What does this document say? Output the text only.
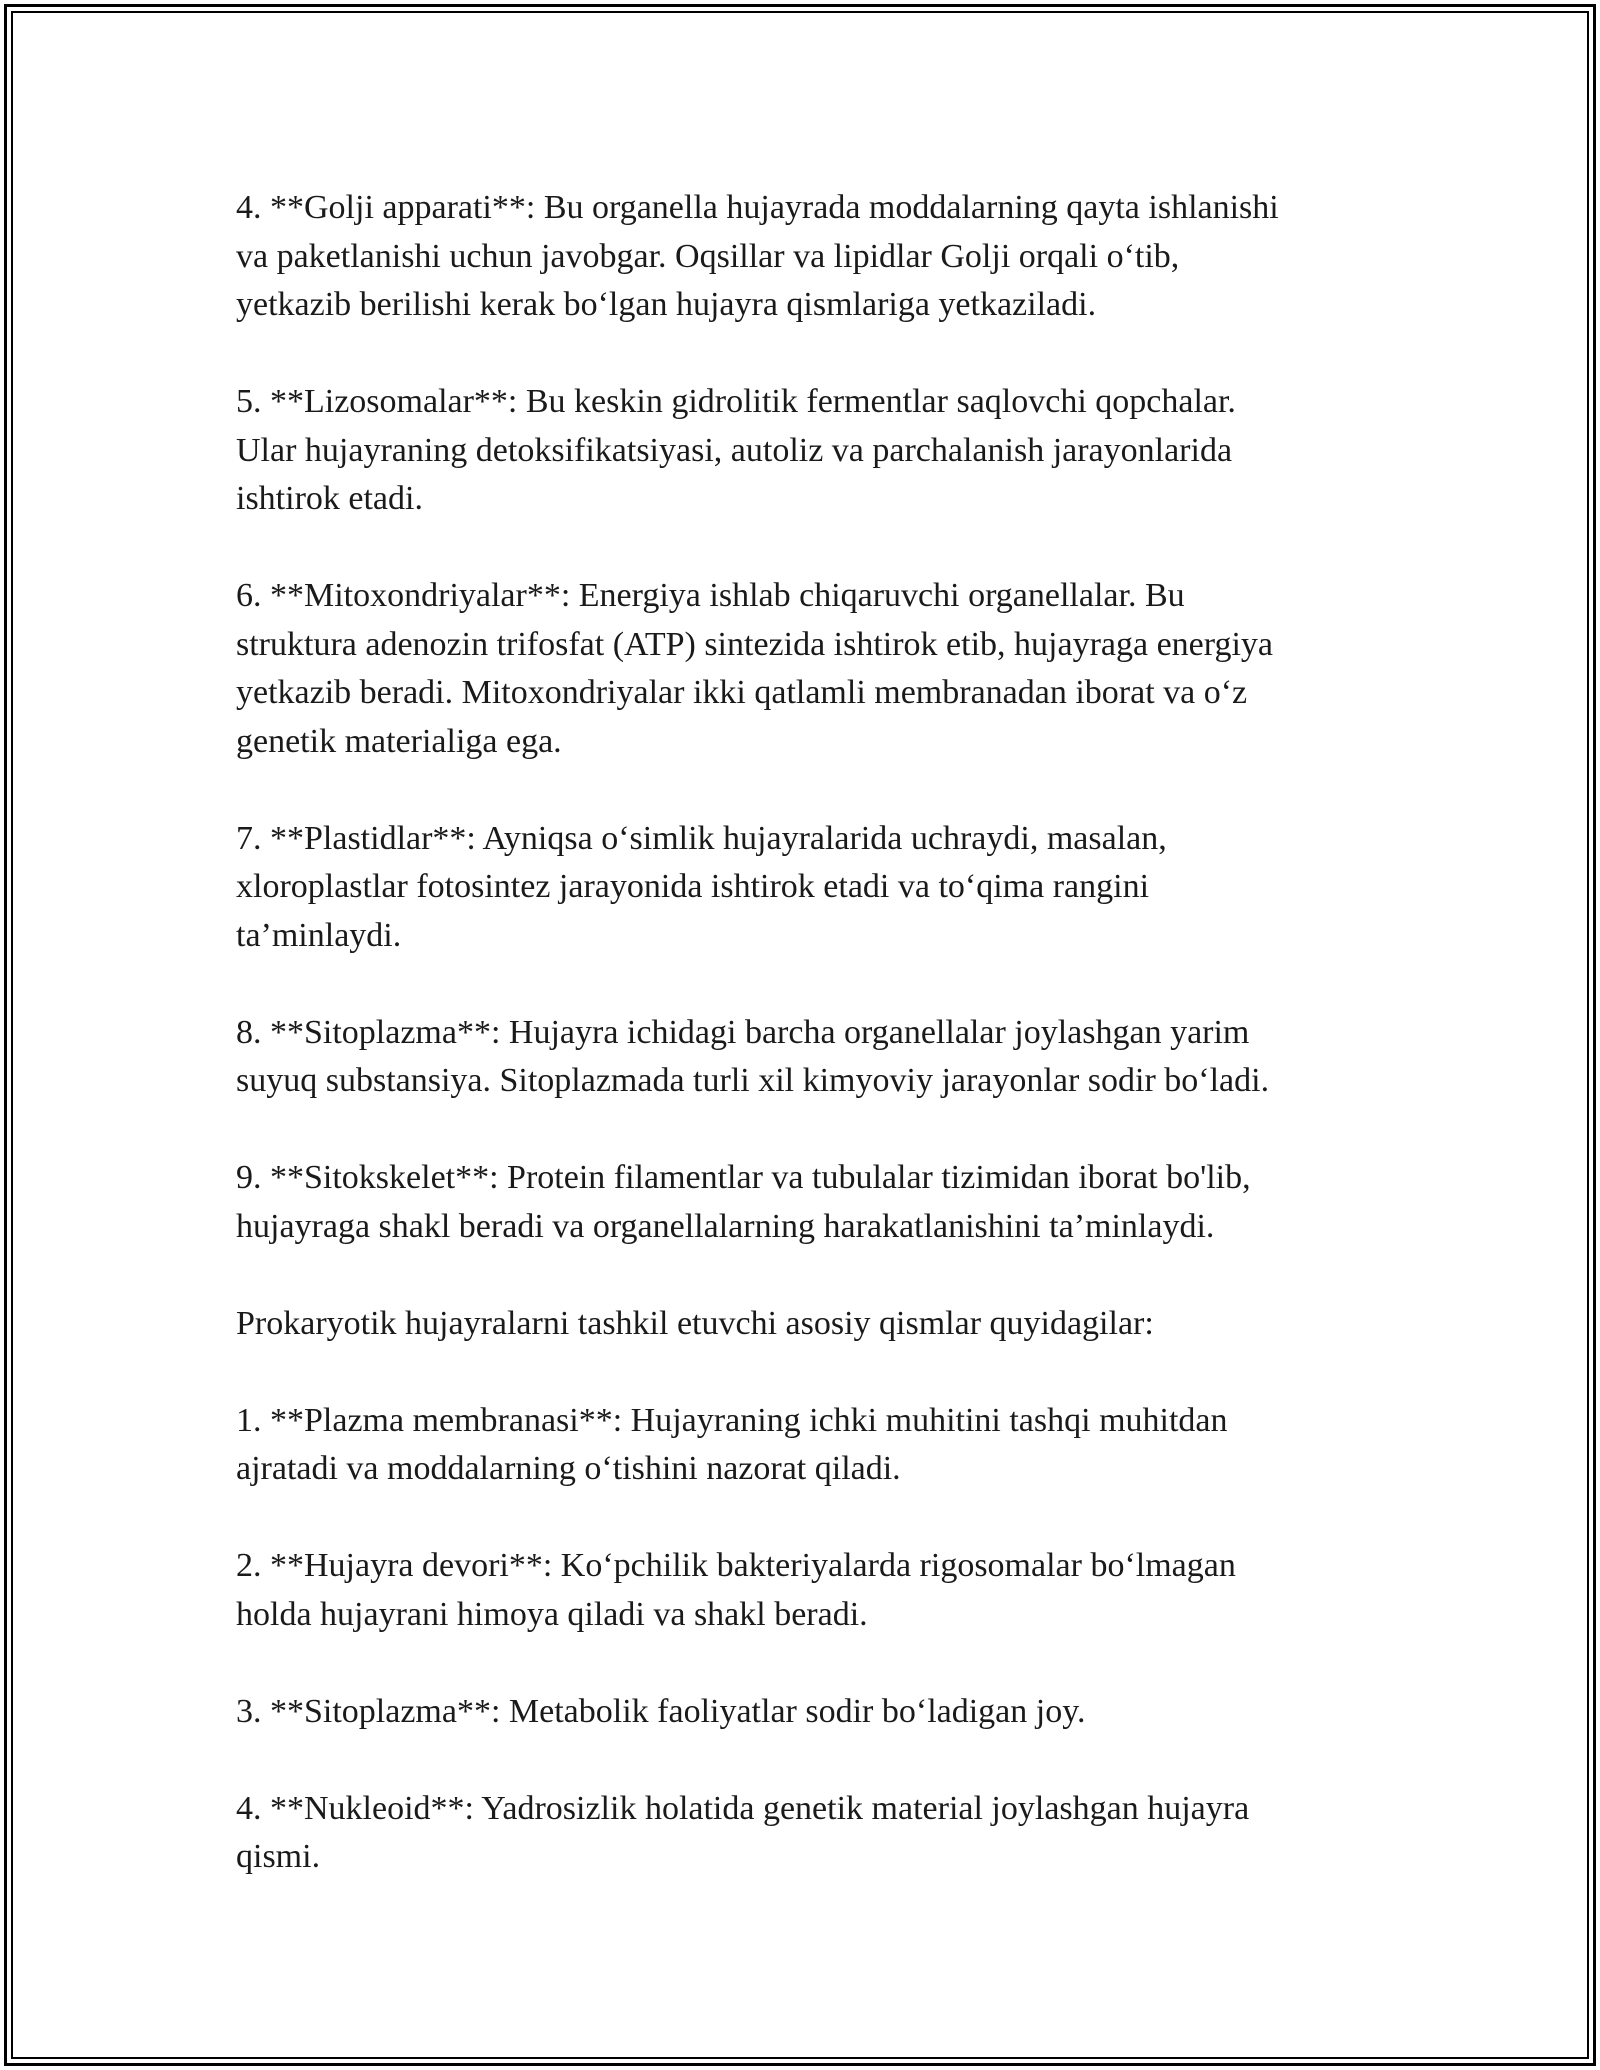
4. **Golji apparati**: Bu organella hujayrada moddalarning qayta ishlanishi
va paketlanishi uchun javobgar. Oqsillar va lipidlar Golji orqali o‘tib,
yetkazib berilishi kerak bo‘lgan hujayra qismlariga yetkaziladi.

5. **Lizosomalar**: Bu keskin gidrolitik fermentlar saqlovchi qopchalar.
Ular hujayraning detoksifikatsiyasi, autoliz va parchalanish jarayonlarida
ishtirok etadi.

6. **Mitoxondriyalar**: Energiya ishlab chiqaruvchi organellalar. Bu
struktura adenozin trifosfat (ATP) sintezida ishtirok etib, hujayraga energiya
yetkazib beradi. Mitoxondriyalar ikki qatlamli membranadan iborat va o‘z
genetik materialiga ega.

7. **Plastidlar**: Ayniqsa o‘simlik hujayralarida uchraydi, masalan,
xloroplastlar fotosintez jarayonida ishtirok etadi va to‘qima rangini
ta’minlaydi.

8. **Sitoplazma**: Hujayra ichidagi barcha organellalar joylashgan yarim
suyuq substansiya. Sitoplazmada turli xil kimyoviy jarayonlar sodir bo‘ladi.

9. **Sitokskelet**: Protein filamentlar va tubulalar tizimidan iborat bo'lib,
hujayraga shakl beradi va organellalarning harakatlanishini ta’minlaydi.

Prokaryotik hujayralarni tashkil etuvchi asosiy qismlar quyidagilar:

1. **Plazma membranasi**: Hujayraning ichki muhitini tashqi muhitdan
ajratadi va moddalarning o‘tishini nazorat qiladi.

2. **Hujayra devori**: Ko‘pchilik bakteriyalarda rigosomalar bo‘lmagan
holda hujayrani himoya qiladi va shakl beradi.

3. **Sitoplazma**: Metabolik faoliyatlar sodir bo‘ladigan joy.

4. **Nukleoid**: Yadrosizlik holatida genetik material joylashgan hujayra
qismi.
